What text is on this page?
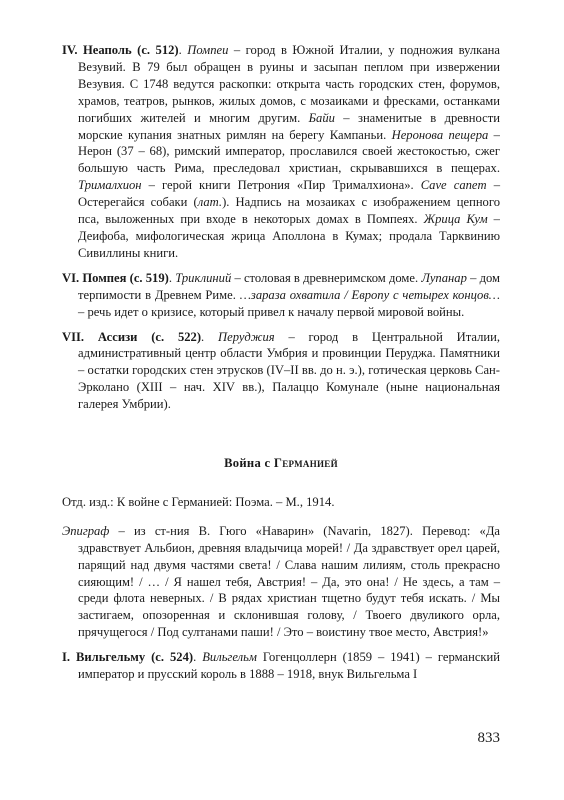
IV. Неаполь (с. 512). Помпеи – город в Южной Италии, у подножия вулкана Везувий. В 79 был обращен в руины и засыпан пеплом при извержении Везувия. С 1748 ведутся раскопки: открыта часть городских стен, форумов, храмов, театров, рынков, жилых домов, с мозаиками и фресками, останками погибших жителей и многим другим. Байи – знаменитые в древности морские купания знатных римлян на берегу Кампаньи. Неронова пещера – Нерон (37 – 68), римский император, прославился своей жестокостью, сжег большую часть Рима, преследовал христиан, скрывавшихся в пещерах. Трималхион – герой книги Петрония «Пир Трималхиона». Cave canem – Остерегайся собаки (лат.). Надпись на мозаиках с изображением цепного пса, выложенных при входе в некоторых домах в Помпеях. Жрица Кум – Деифоба, мифологическая жрица Аполлона в Кумах; продала Тарквинию Сивиллины книги.

VI. Помпея (с. 519). Триклиний – столовая в древнеримском доме. Лупанар – дом терпимости в Древнем Риме. …зараза охватила / Европу с четырех концов… – речь идет о кризисе, который привел к началу первой мировой войны.

VII. Ассизи (с. 522). Перуджия – город в Центральной Италии, административный центр области Умбрия и провинции Перуджа. Памятники – остатки городских стен этрусков (IV–II вв. до н. э.), готическая церковь Сан-Эрколано (XIII – нач. XIV вв.), Палаццо Комунале (ныне национальная галерея Умбрии).

Война с Германией

Отд. изд.: К войне с Германией: Поэма. – М., 1914.

Эпиграф – из ст-ния В. Гюго «Наварин» (Navarin, 1827). Перевод: «Да здравствует Альбион, древняя владычица морей! / Да здравствует орел царей, парящий над двумя частями света! / Слава нашим лилиям, столь прекрасно сияющим! / … / Я нашел тебя, Австрия! – Да, это она! / Не здесь, а там – среди флота неверных. / В рядах христиан тщетно будут тебя искать. / Мы застигаем, опозоренная и склонившая голову, / Твоего двуликого орла, прячущегося / Под султанами паши! / Это – воистину твое место, Австрия!»

I. Вильгельму (с. 524). Вильгельм Гогенцоллерн (1859 – 1941) – германский император и прусский король в 1888 – 1918, внук Вильгельма I

833
